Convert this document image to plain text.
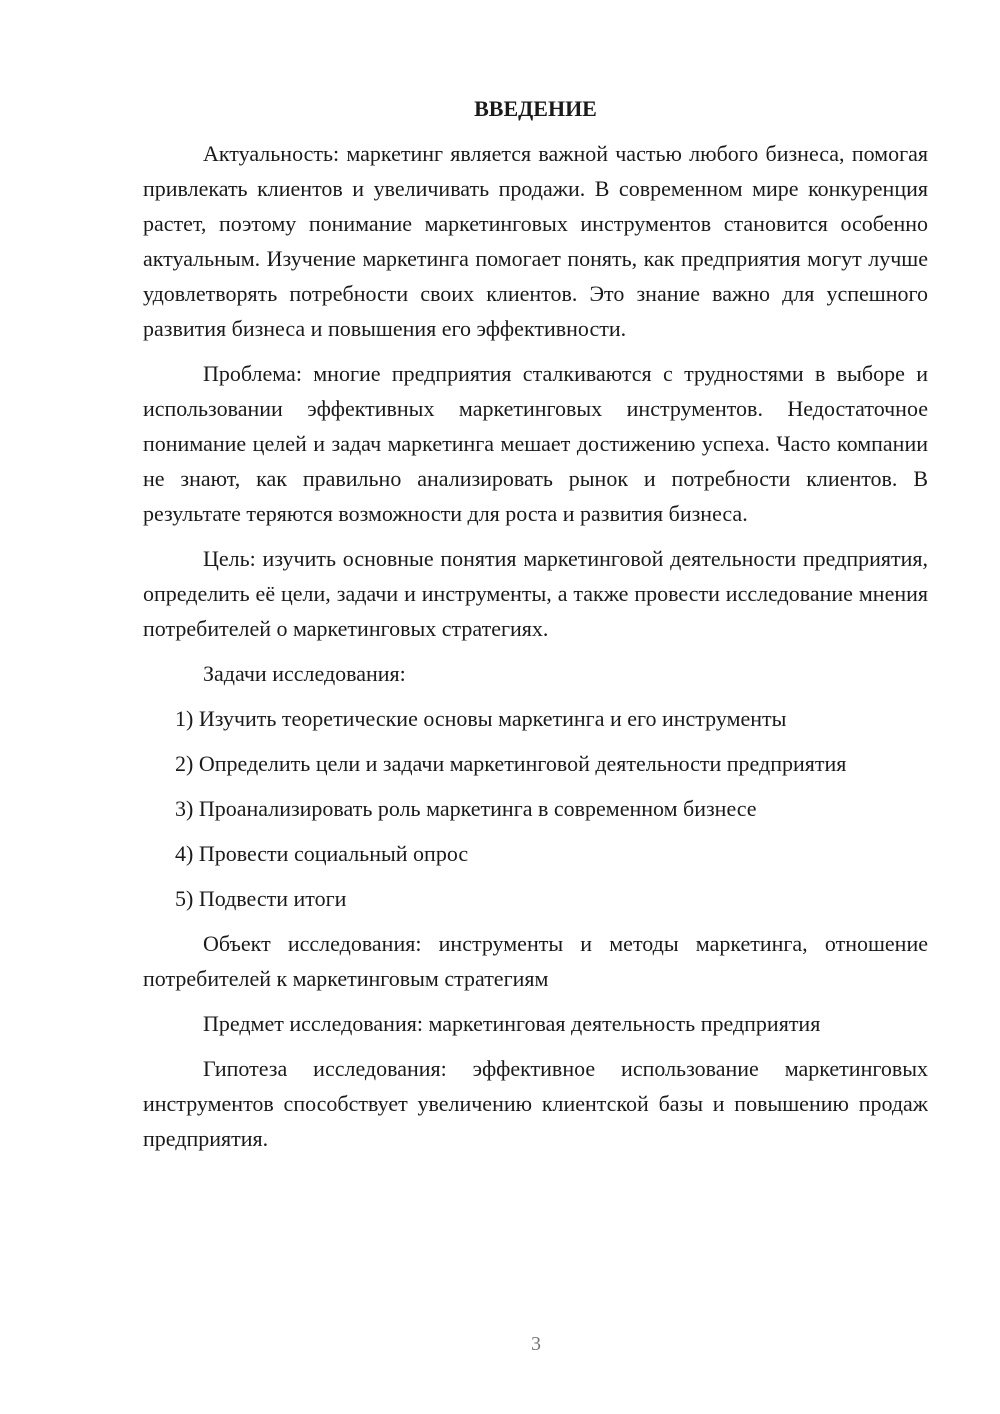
ВВЕДЕНИЕ

Актуальность: маркетинг является важной частью любого бизнеса, помогая привлекать клиентов и увеличивать продажи. В современном мире конкуренция растет, поэтому понимание маркетинговых инструментов становится особенно актуальным. Изучение маркетинга помогает понять, как предприятия могут лучше удовлетворять потребности своих клиентов. Это знание важно для успешного развития бизнеса и повышения его эффективности.

Проблема: многие предприятия сталкиваются с трудностями в выборе и использовании эффективных маркетинговых инструментов. Недостаточное понимание целей и задач маркетинга мешает достижению успеха. Часто компании не знают, как правильно анализировать рынок и потребности клиентов. В результате теряются возможности для роста и развития бизнеса.

Цель: изучить основные понятия маркетинговой деятельности предприятия, определить её цели, задачи и инструменты, а также провести исследование мнения потребителей о маркетинговых стратегиях.

Задачи исследования:

1) Изучить теоретические основы маркетинга и его инструменты

2) Определить цели и задачи маркетинговой деятельности предприятия

3) Проанализировать роль маркетинга в современном бизнесе

4) Провести социальный опрос

5) Подвести итоги

Объект исследования: инструменты и методы маркетинга, отношение потребителей к маркетинговым стратегиям

Предмет исследования: маркетинговая деятельность предприятия

Гипотеза исследования: эффективное использование маркетинговых инструментов способствует увеличению клиентской базы и повышению продаж предприятия.

3
